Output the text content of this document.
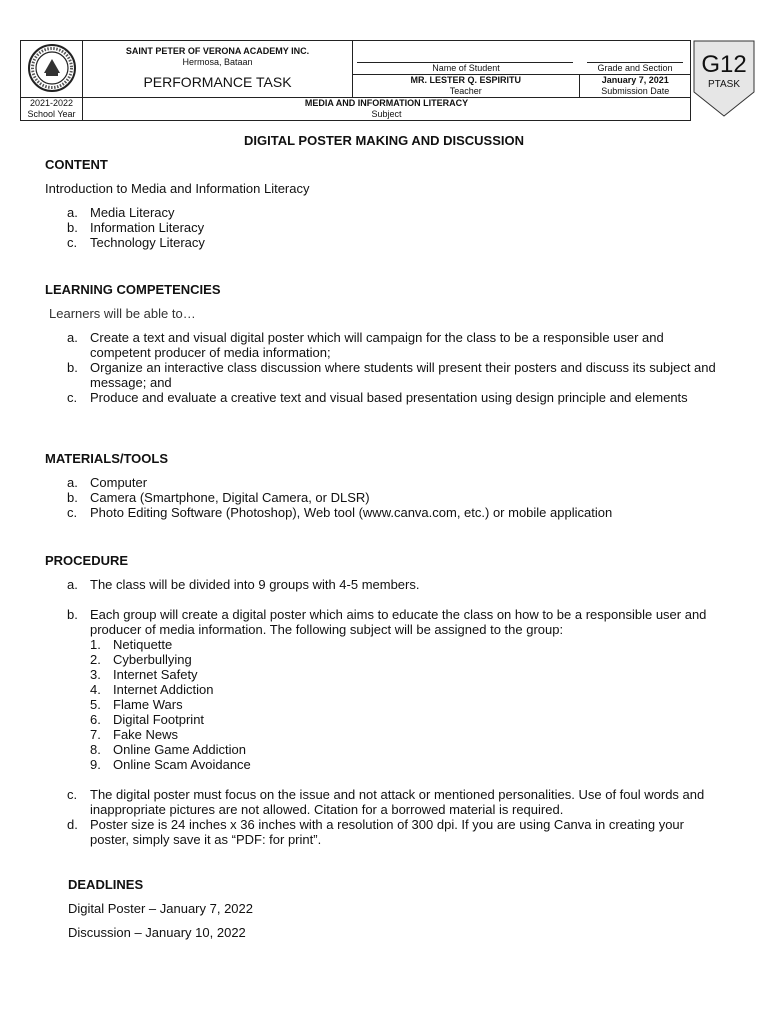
SAINT PETER OF VERONA ACADEMY INC.
Hermosa, Bataan
PERFORMANCE TASK

Name of Student	Grade and Section

MR. LESTER Q. ESPIRITU
Teacher

January 7, 2021
Submission Date

2021-2022
School Year

MEDIA AND INFORMATION LITERACY
Subject
G12
PTASK
DIGITAL POSTER MAKING AND DISCUSSION
CONTENT
Introduction to Media and Information Literacy
a. Media Literacy
b. Information Literacy
c. Technology Literacy
LEARNING COMPETENCIES
Learners will be able to…
a. Create a text and visual digital poster which will campaign for the class to be a responsible user and competent producer of media information;
b. Organize an interactive class discussion where students will present their posters and discuss its subject and message; and
c. Produce and evaluate a creative text and visual based presentation using design principle and elements
MATERIALS/TOOLS
a. Computer
b. Camera (Smartphone, Digital Camera, or DLSR)
c. Photo Editing Software (Photoshop), Web tool (www.canva.com, etc.) or mobile application
PROCEDURE
a. The class will be divided into 9 groups with 4-5 members.
b. Each group will create a digital poster which aims to educate the class on how to be a responsible user and producer of media information. The following subject will be assigned to the group:
1. Netiquette
2. Cyberbullying
3. Internet Safety
4. Internet Addiction
5. Flame Wars
6. Digital Footprint
7. Fake News
8. Online Game Addiction
9. Online Scam Avoidance
c. The digital poster must focus on the issue and not attack or mentioned personalities. Use of foul words and inappropriate pictures are not allowed. Citation for a borrowed material is required.
d. Poster size is 24 inches x 36 inches with a resolution of 300 dpi. If you are using Canva in creating your poster, simply save it as “PDF: for print”.
DEADLINES
Digital Poster – January 7, 2022
Discussion – January 10, 2022
